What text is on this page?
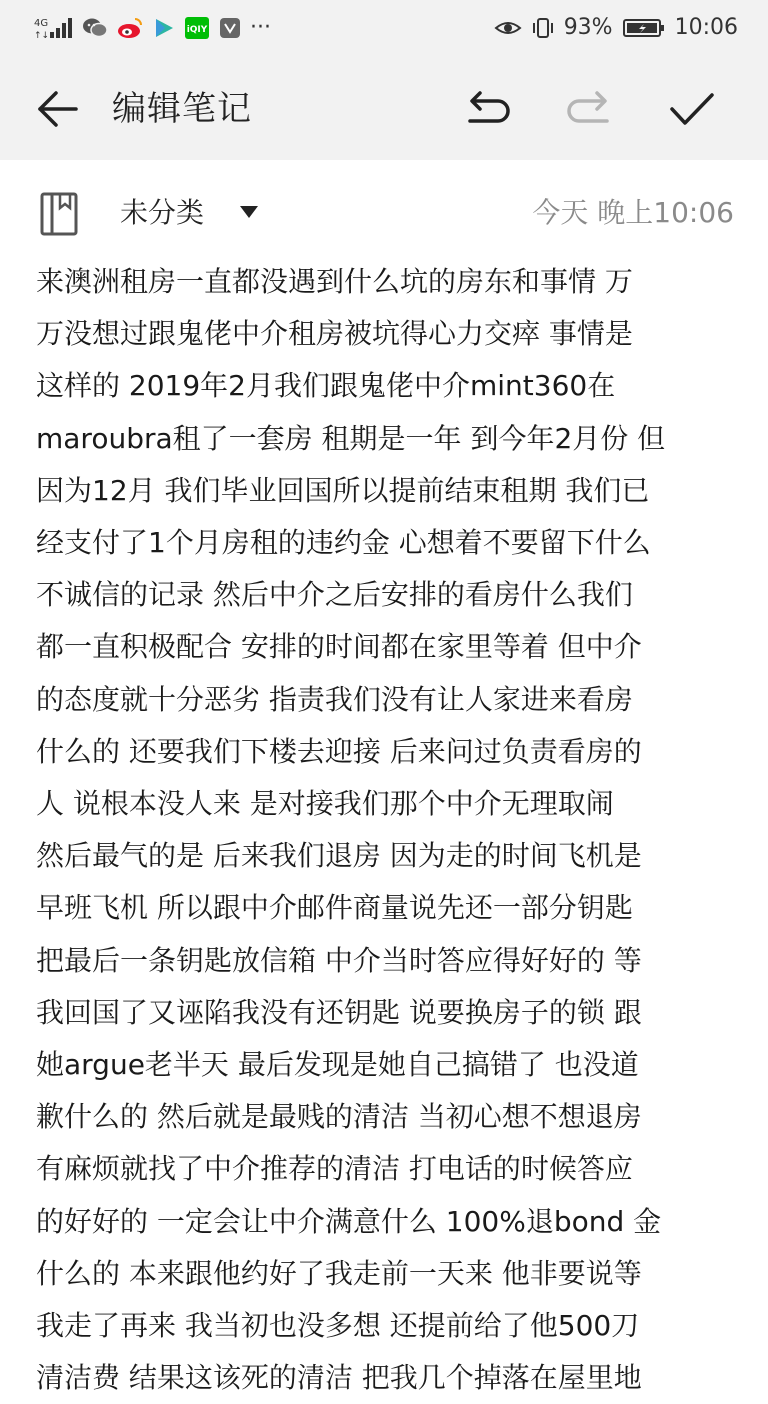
4G
↑↓
iQIY ···	93%	10:06
编辑笔记
未分类	今天 晚上10:06
来澳洲租房一直都没遇到什么坑的房东和事情 万
万没想过跟鬼佬中介租房被坑得心力交瘁 事情是
这样的 2019年2月我们跟鬼佬中介mint360在
maroubra租了一套房 租期是一年 到今年2月份 但
因为12月 我们毕业回国所以提前结束租期 我们已
经支付了1个月房租的违约金 心想着不要留下什么
不诚信的记录 然后中介之后安排的看房什么我们
都一直积极配合 安排的时间都在家里等着 但中介
的态度就十分恶劣 指责我们没有让人家进来看房
什么的 还要我们下楼去迎接 后来问过负责看房的
人 说根本没人来 是对接我们那个中介无理取闹
然后最气的是 后来我们退房 因为走的时间飞机是
早班飞机 所以跟中介邮件商量说先还一部分钥匙
把最后一条钥匙放信箱 中介当时答应得好好的 等
我回国了又诬陷我没有还钥匙 说要换房子的锁 跟
她argue老半天 最后发现是她自己搞错了 也没道
歉什么的 然后就是最贱的清洁 当初心想不想退房
有麻烦就找了中介推荐的清洁 打电话的时候答应
的好好的 一定会让中介满意什么 100%退bond 金
什么的 本来跟他约好了我走前一天来 他非要说等
我走了再来 我当初也没多想 还提前给了他500刀
清洁费 结果这该死的清洁 把我几个掉落在屋里地
